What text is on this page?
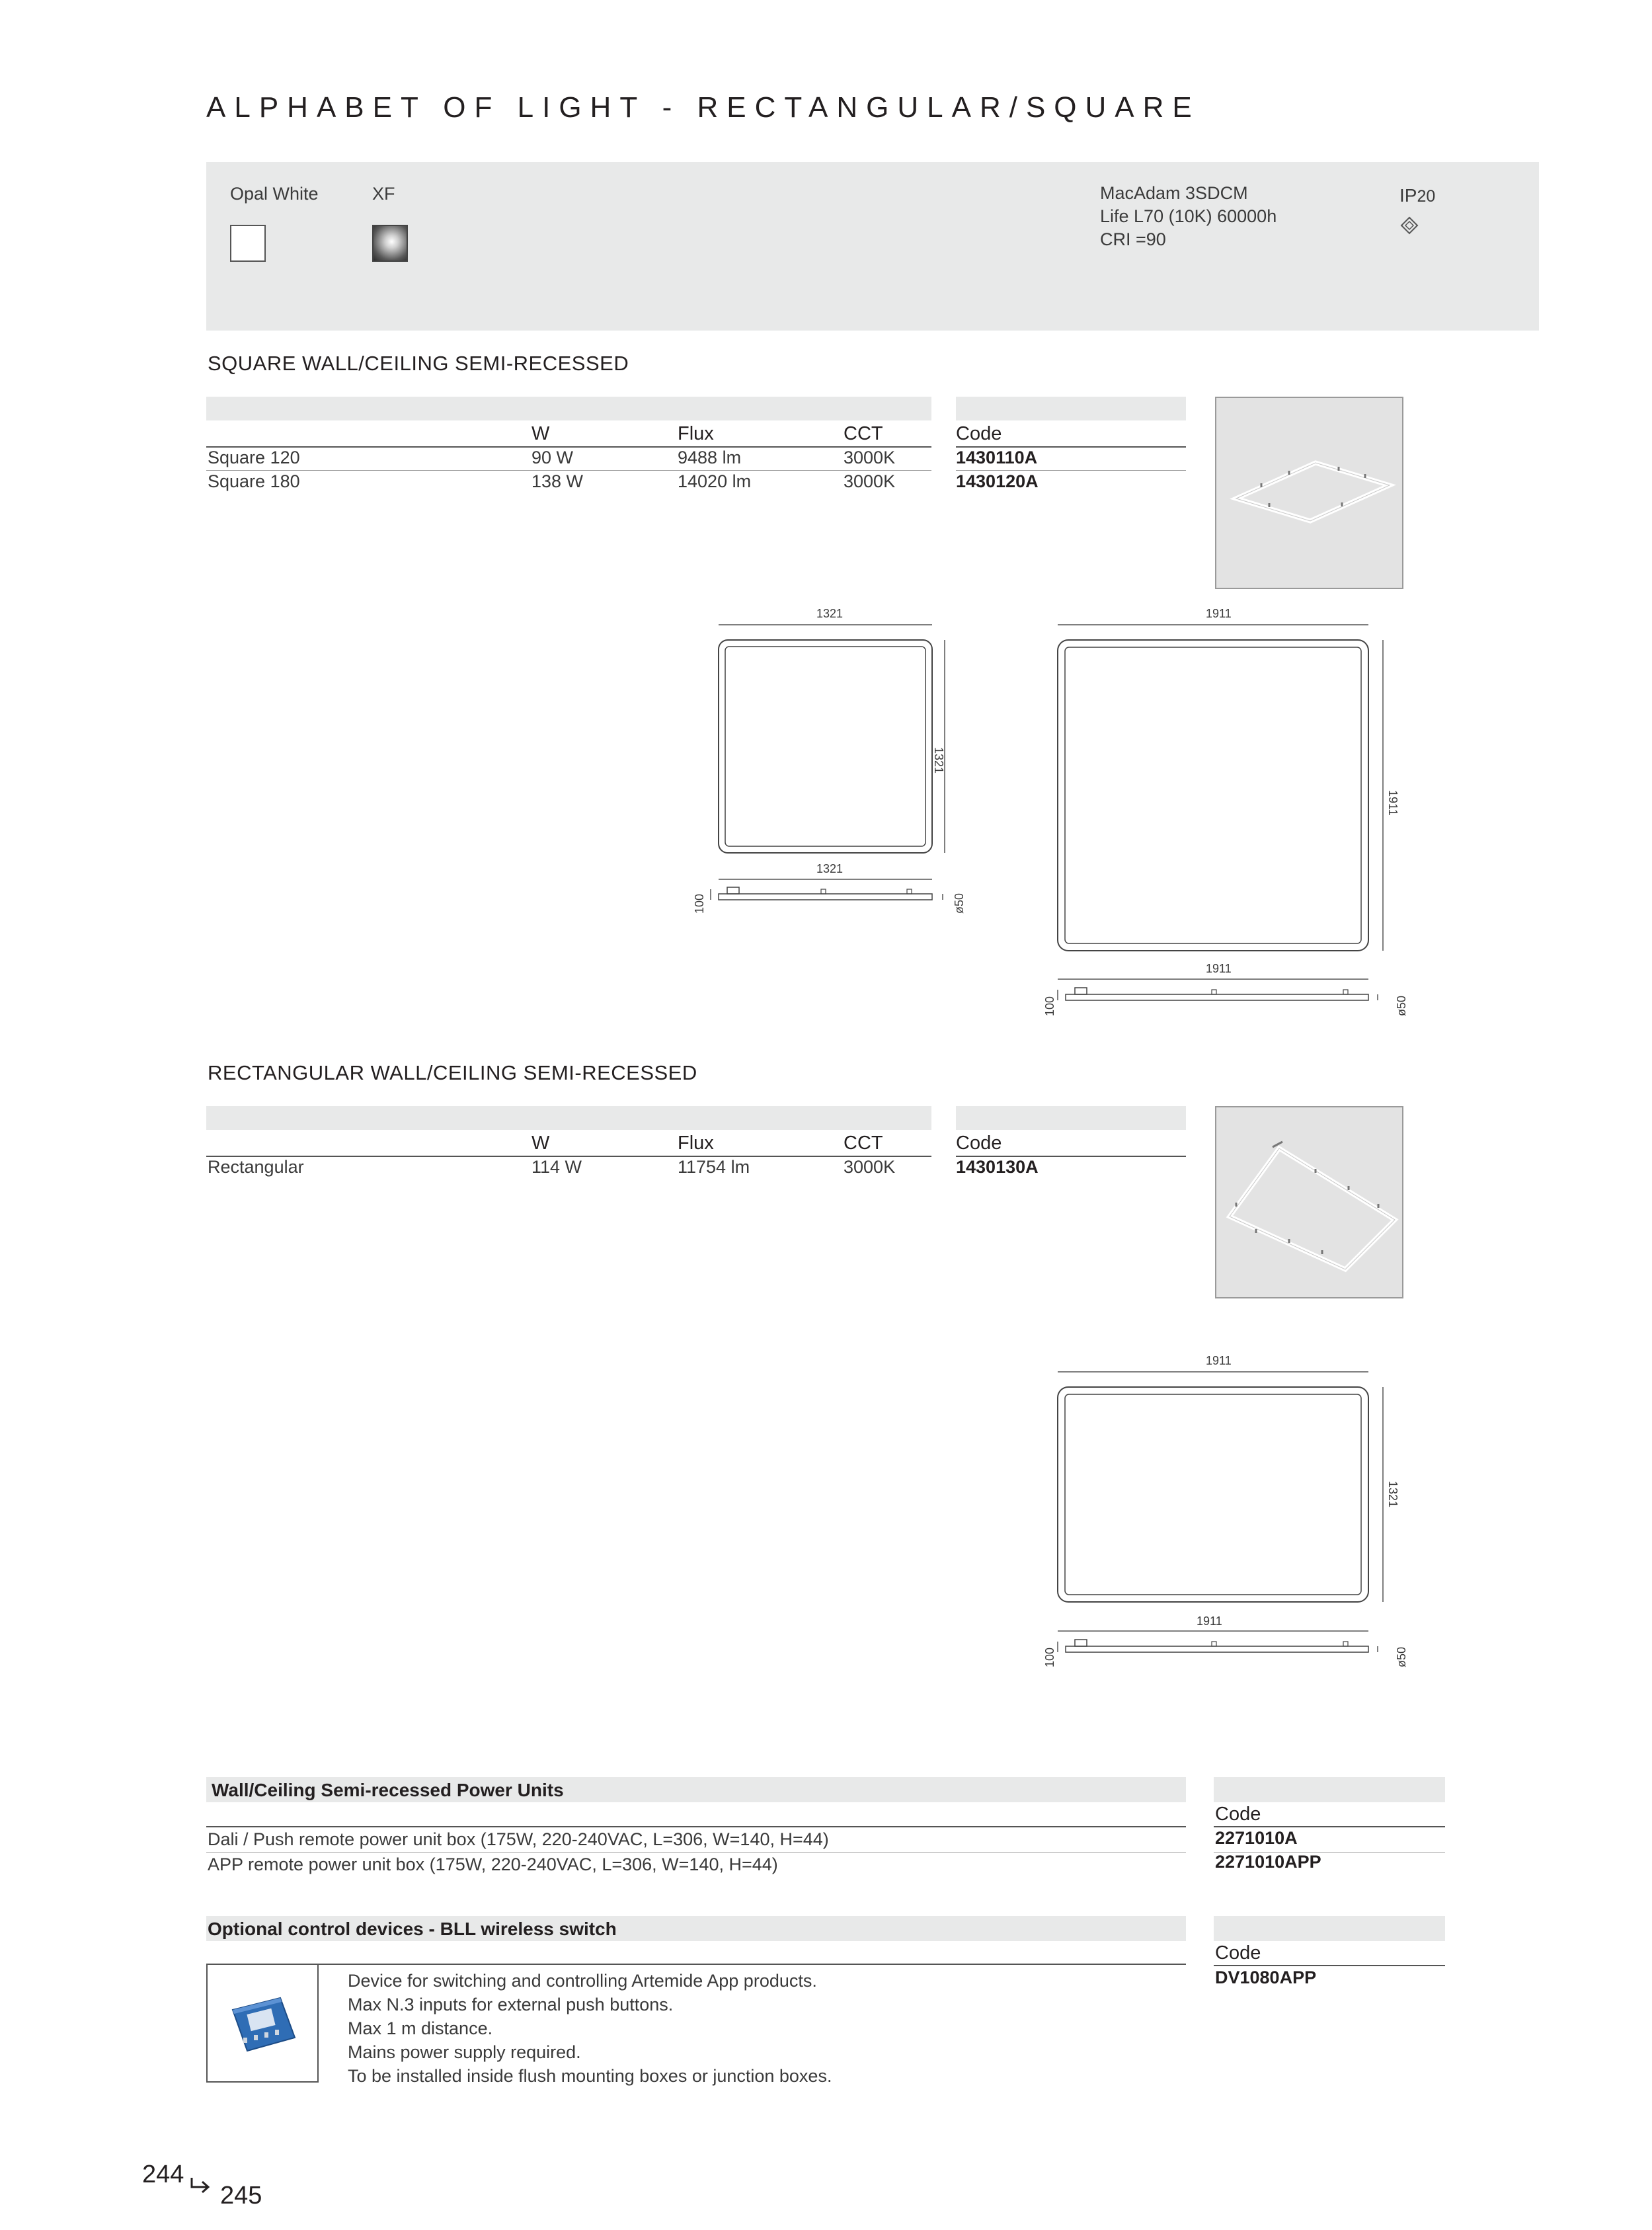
ALPHABET OF LIGHT - RECTANGULAR/SQUARE
Opal White	XF	MacAdam 3SDCM
Life L70 (10K) 60000h
CRI =90
IP20
SQUARE WALL/CEILING SEMI-RECESSED
W	Flux	CCT	Code
Square 120	90 W	9488 lm	3000K	1430110A
Square 180	138 W	14020 lm	3000K	1430120A
1321
1321
1321
100	ø50
1911
1911
1911
100	ø50
RECTANGULAR WALL/CEILING SEMI-RECESSED
W	Flux	CCT	Code
Rectangular	114 W	11754 lm	3000K	1430130A
1911
1321
1911
100	ø50
Wall/Ceiling Semi-recessed Power Units
Code
Dali / Push remote power unit box (175W, 220-240VAC, L=306, W=140, H=44)	2271010A
APP remote power unit box (175W, 220-240VAC, L=306, W=140, H=44)	2271010APP
Optional control devices - BLL wireless switch
Code
DV1080APP
Device for switching and controlling Artemide App products.
Max N.3 inputs for external push buttons.
Max 1 m distance.
Mains power supply required.
To be installed inside flush mounting boxes or junction boxes.
244
245
